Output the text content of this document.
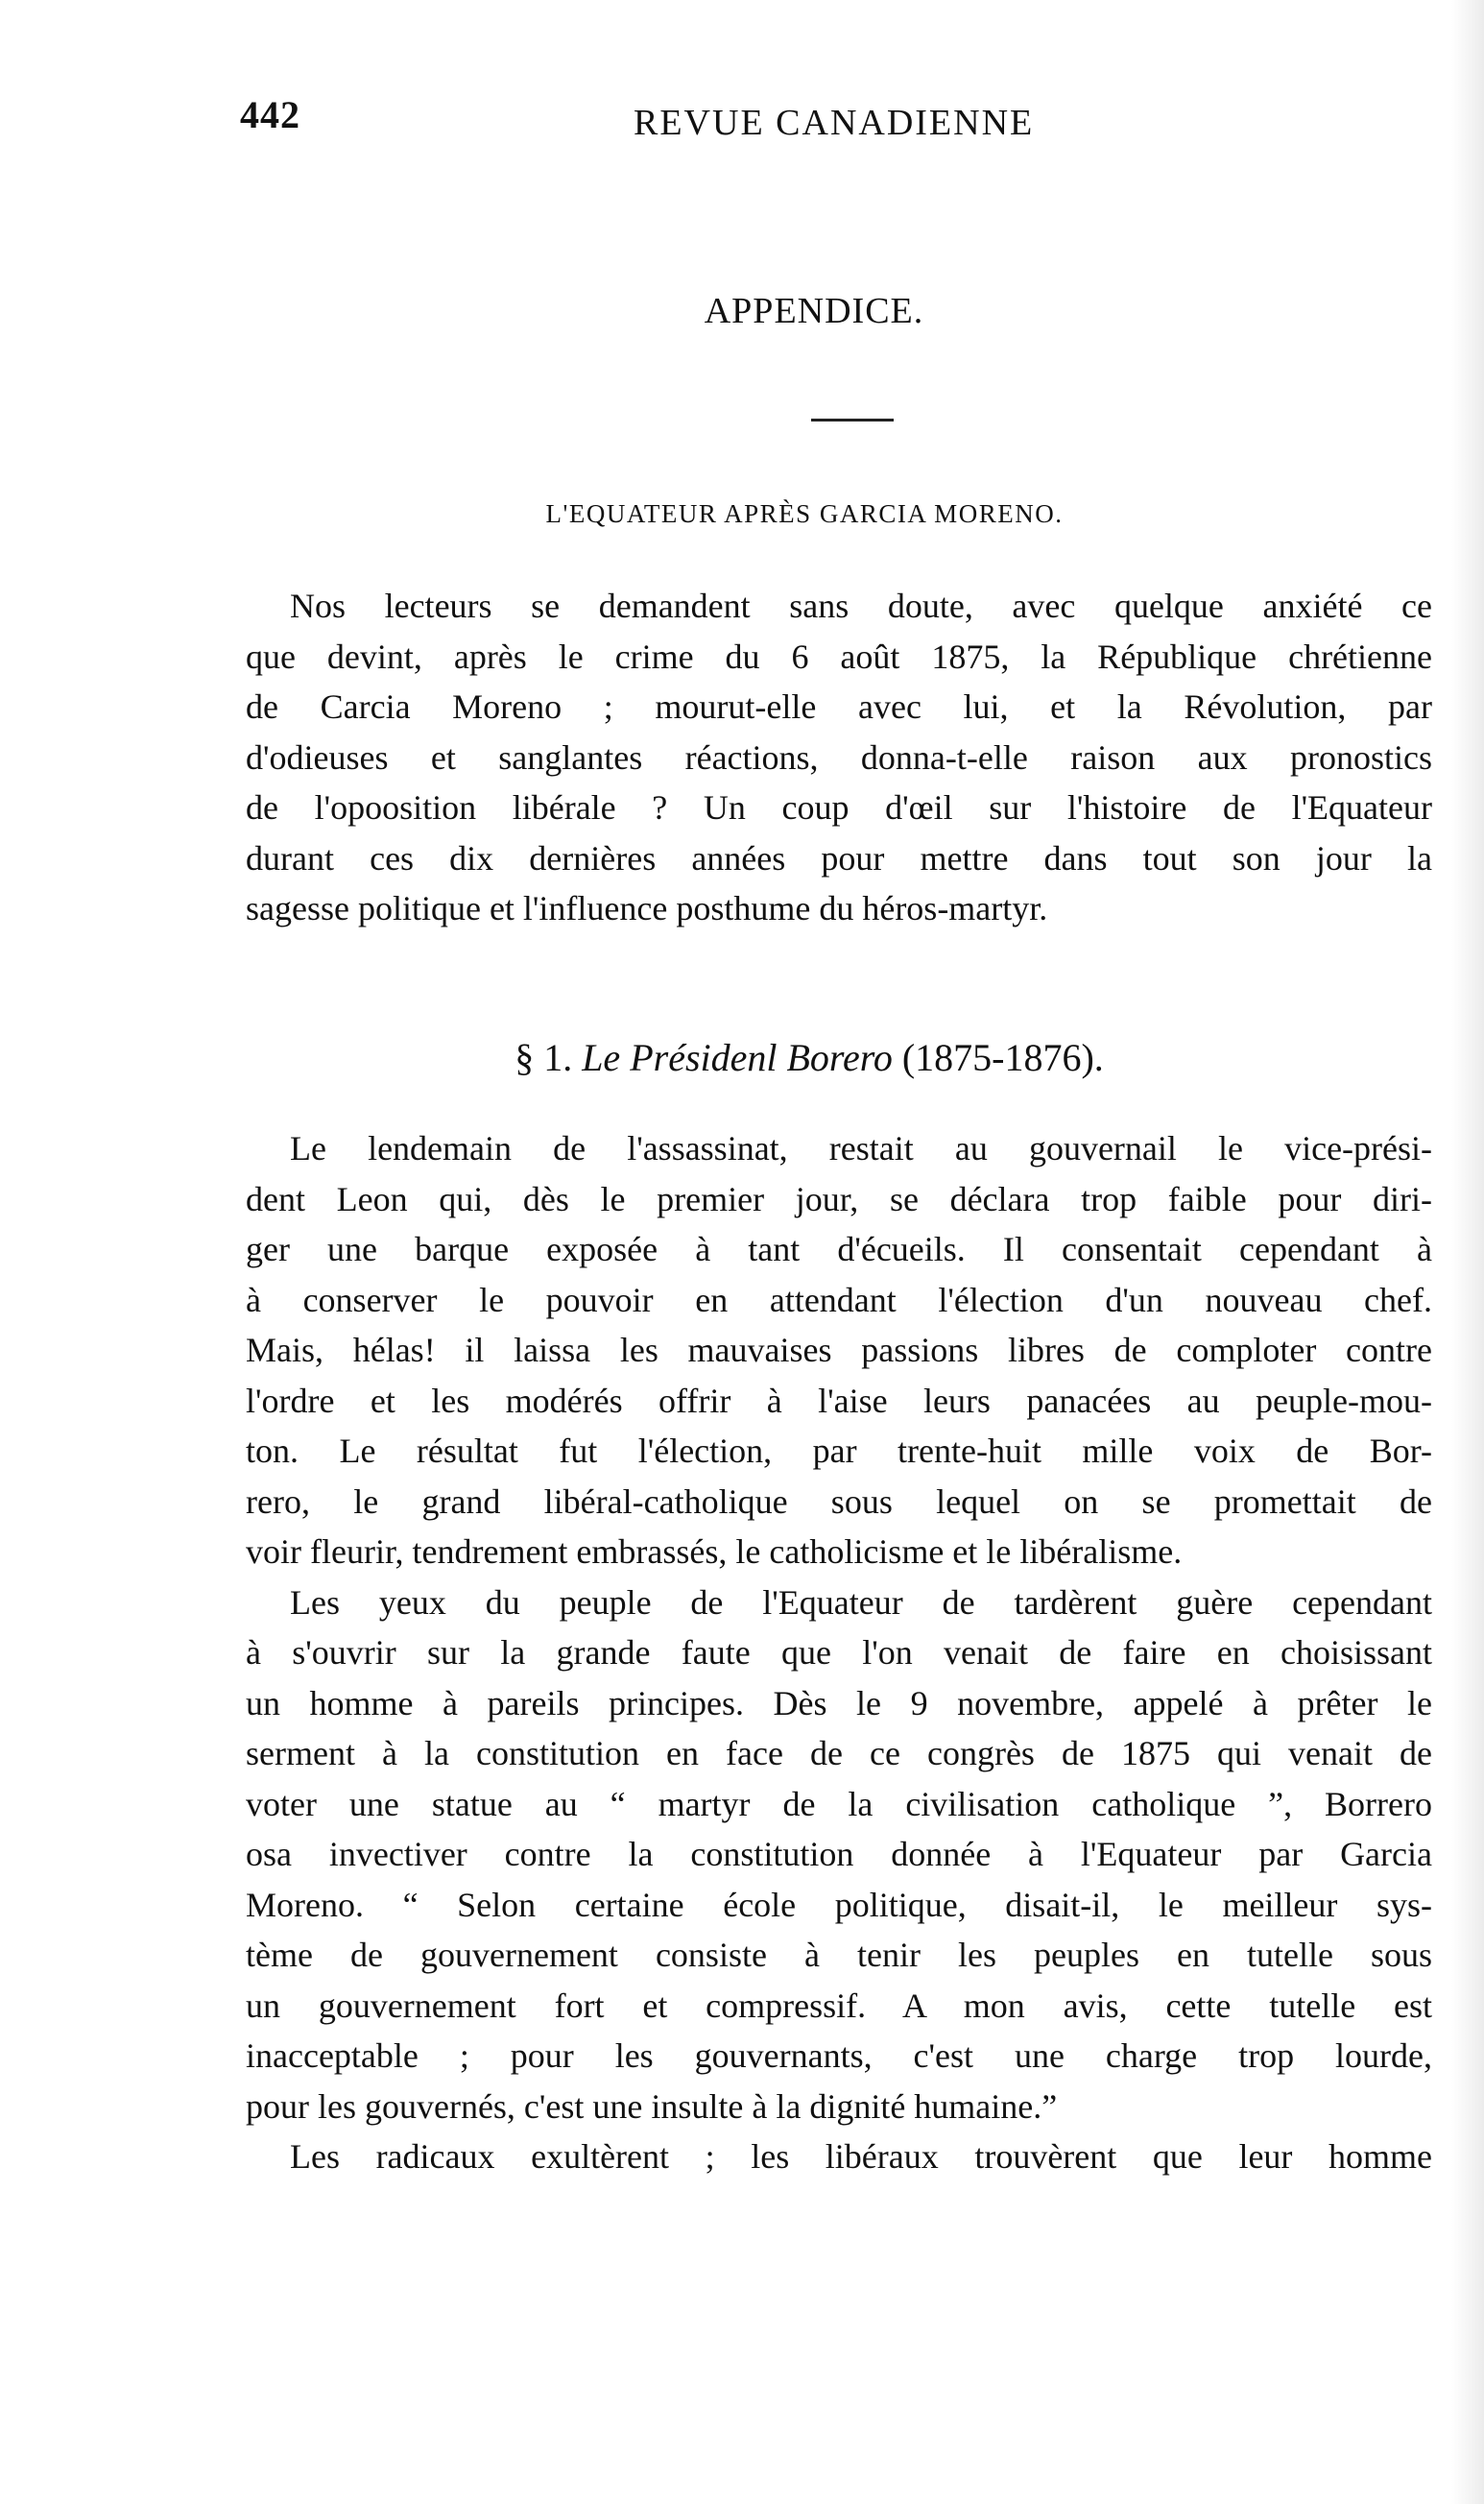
442	REVUE CANADIENNE
APPENDICE.
L'EQUATEUR APRÈS GARCIA MORENO.
Nos lecteurs se demandent sans doute, avec quelque anxiété ce
que devint, après le crime du 6 août 1875, la République chrétienne
de Carcia Moreno ; mourut-elle avec lui, et la Révolution, par
d'odieuses et sanglantes réactions, donna-t-elle raison aux pronostics
de l'opoosition libérale ? Un coup d'œil sur l'histoire de l'Equateur
durant ces dix dernières années pour mettre dans tout son jour la
sagesse politique et l'influence posthume du héros-martyr.
§ 1. Le Présidenl Borero (1875-1876).
Le lendemain de l'assassinat, restait au gouvernail le vice-prési-
dent Leon qui, dès le premier jour, se déclara trop faible pour diri-
ger une barque exposée à tant d'écueils. Il consentait cependant à
à conserver le pouvoir en attendant l'élection d'un nouveau chef.
Mais, hélas! il laissa les mauvaises passions libres de comploter contre
l'ordre et les modérés offrir à l'aise leurs panacées au peuple-mou-
ton. Le résultat fut l'élection, par trente-huit mille voix de Bor-
rero, le grand libéral-catholique sous lequel on se promettait de
voir fleurir, tendrement embrassés, le catholicisme et le libéralisme.
Les yeux du peuple de l'Equateur de tardèrent guère cependant
à s'ouvrir sur la grande faute que l'on venait de faire en choisissant
un homme à pareils principes. Dès le 9 novembre, appelé à prêter le
serment à la constitution en face de ce congrès de 1875 qui venait de
voter une statue au “ martyr de la civilisation catholique ”, Borrero
osa invectiver contre la constitution donnée à l'Equateur par Garcia
Moreno. “ Selon certaine école politique, disait-il, le meilleur sys-
tème de gouvernement consiste à tenir les peuples en tutelle sous
un gouvernement fort et compressif. A mon avis, cette tutelle est
inacceptable ; pour les gouvernants, c'est une charge trop lourde,
pour les gouvernés, c'est une insulte à la dignité humaine.”
Les radicaux exultèrent ; les libéraux trouvèrent que leur homme
